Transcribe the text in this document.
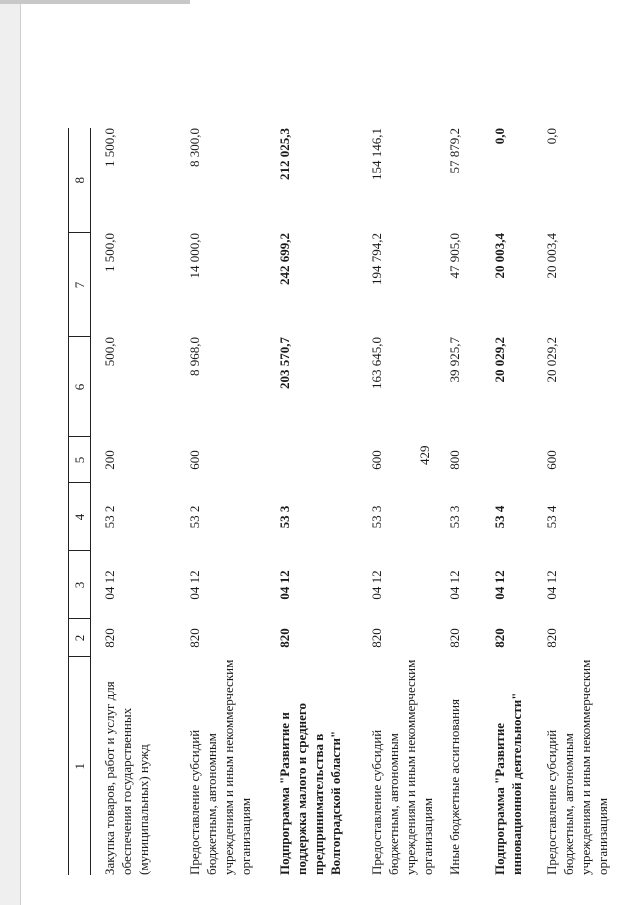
429
1	2	3	4	5	6	7	8
Закупка товаров, работ и услуг для обеспечения государственных (муниципальных) нужд	820	04 12	53 2	200	500,0	1 500,0	1 500,0
Предоставление субсидий бюджетным, автономным учреждениям и иным некоммерческим организациям	820	04 12	53 2	600	8 968,0	14 000,0	8 300,0
Подпрограмма "Развитие и поддержка малого и среднего предпринимательства в Волгоградской области"	820	04 12	53 3		203 570,7	242 699,2	212 025,3
Предоставление субсидий бюджетным, автономным учреждениям и иным некоммерческим организациям	820	04 12	53 3	600	163 645,0	194 794,2	154 146,1
Иные бюджетные ассигнования	820	04 12	53 3	800	39 925,7	47 905,0	57 879,2
Подпрограмма "Развитие инновационной деятельности"	820	04 12	53 4		20 029,2	20 003,4	0,0
Предоставление субсидий бюджетным, автономным учреждениям и иным некоммерческим организациям	820	04 12	53 4	600	20 029,2	20 003,4	0,0
